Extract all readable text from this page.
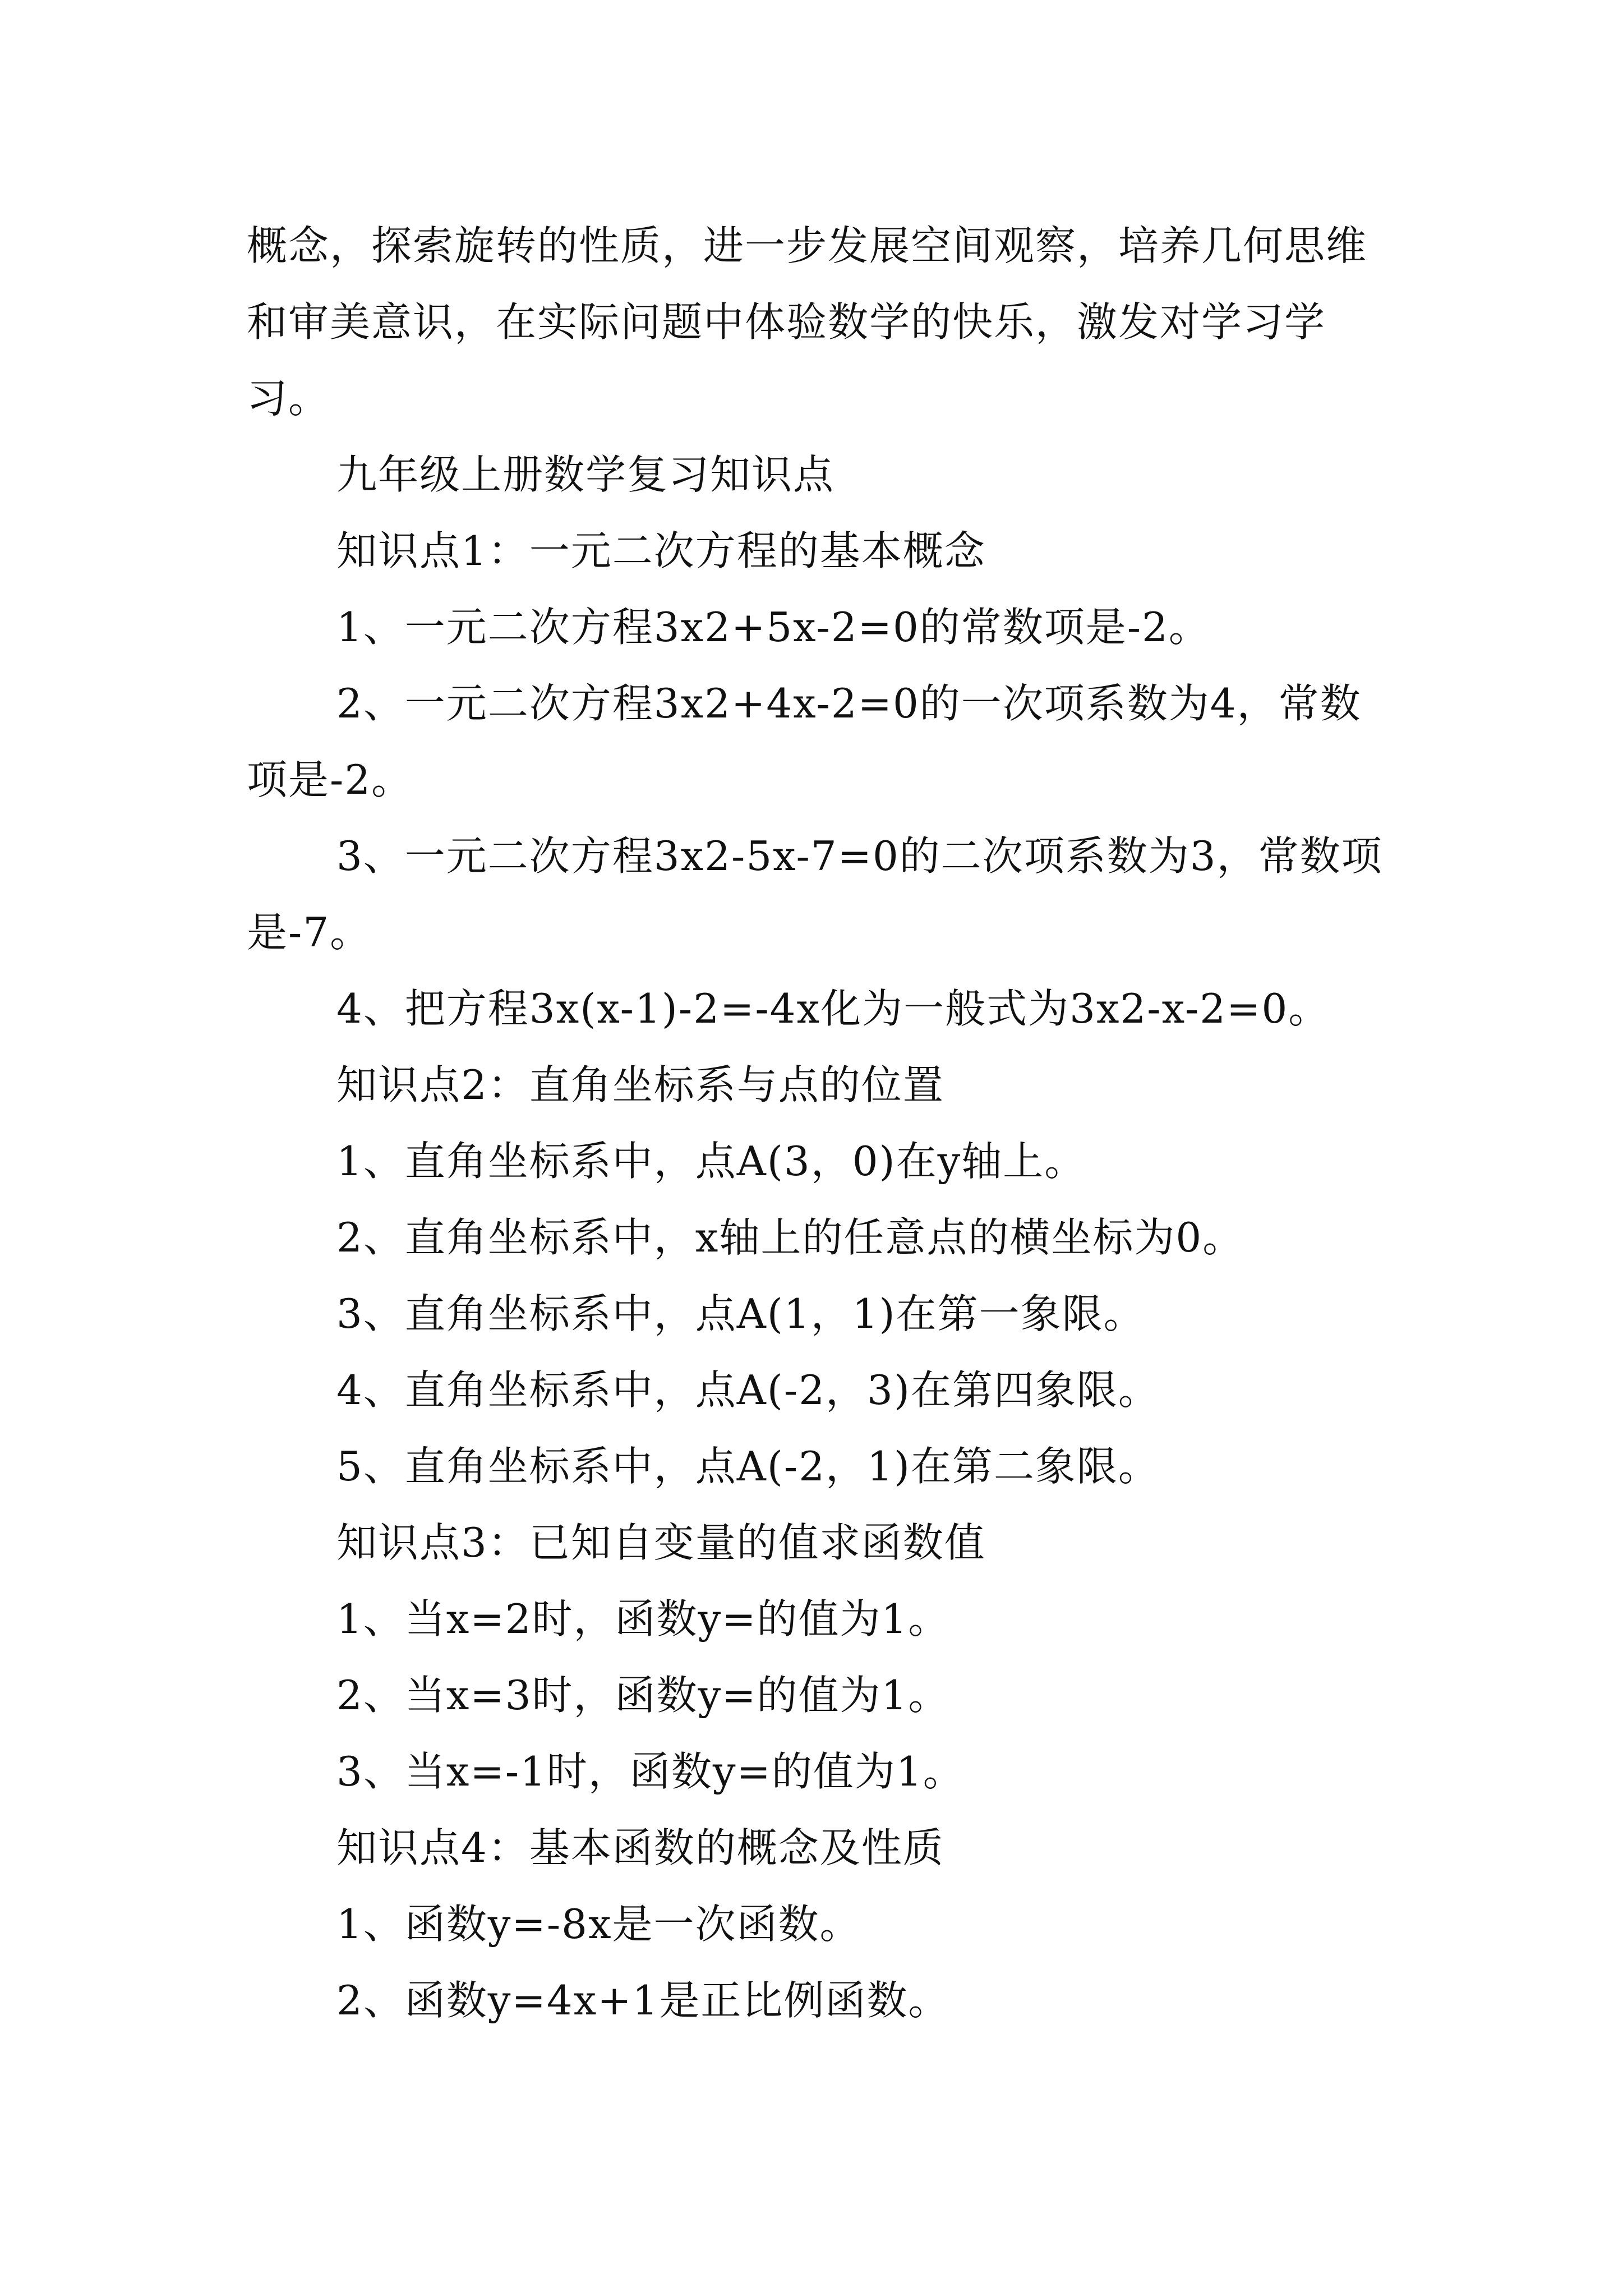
概念，探索旋转的性质，进一步发展空间观察，培养几何思维和审美意识，在实际问题中体验数学的快乐，激发对学习学习。

九年级上册数学复习知识点

知识点1：一元二次方程的基本概念

1、一元二次方程3x2+5x-2=0的常数项是-2。

2、一元二次方程3x2+4x-2=0的一次项系数为4，常数项是-2。

3、一元二次方程3x2-5x-7=0的二次项系数为3，常数项是-7。

4、把方程3x(x-1)-2=-4x化为一般式为3x2-x-2=0。

知识点2：直角坐标系与点的位置

1、直角坐标系中，点A(3，0)在y轴上。

2、直角坐标系中，x轴上的任意点的横坐标为0。

3、直角坐标系中，点A(1，1)在第一象限。

4、直角坐标系中，点A(-2，3)在第四象限。

5、直角坐标系中，点A(-2，1)在第二象限。

知识点3：已知自变量的值求函数值

1、当x=2时，函数y=的值为1。

2、当x=3时，函数y=的值为1。

3、当x=-1时，函数y=的值为1。

知识点4：基本函数的概念及性质

1、函数y=-8x是一次函数。

2、函数y=4x+1是正比例函数。
